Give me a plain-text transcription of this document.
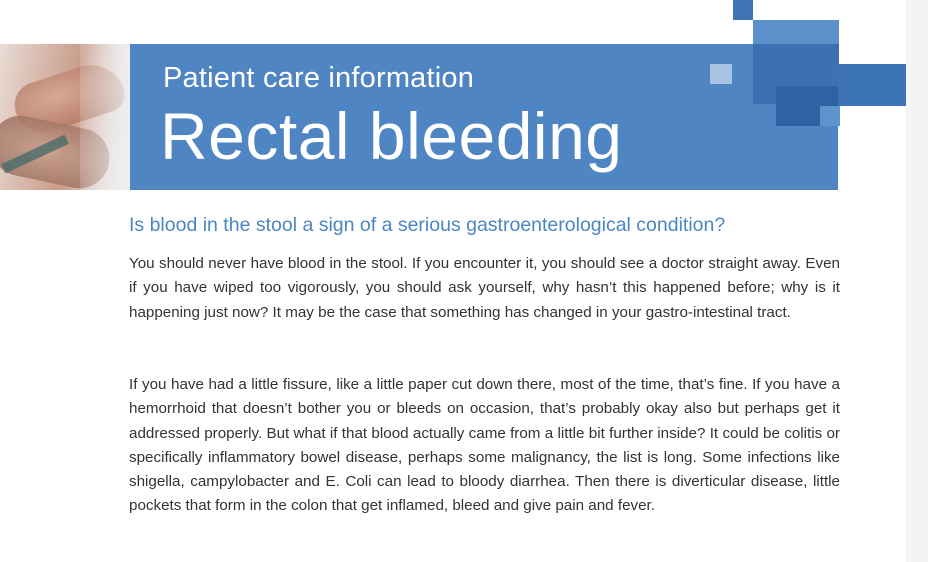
Patient care information
Rectal bleeding
Is blood in the stool a sign of a serious gastroenterological condition?

You should never have blood in the stool. If you encounter it, you should see a doctor straight away. Even if you have wiped too vigorously, you should ask yourself, why hasn’t this happened before; why is it happening just now? It may be the case that something has changed in your gastro-intestinal tract.

If you have had a little fissure, like a little paper cut down there, most of the time, that’s fine. If you have a hemorrhoid that doesn’t bother you or bleeds on occasion, that’s probably okay also but perhaps get it addressed properly. But what if that blood actually came from a little bit further inside? It could be colitis or specifically inflammatory bowel disease, perhaps some malignancy, the list is long. Some infections like shigella, campylobacter and E. Coli can lead to bloody diarrhea. Then there is diverticular disease, little pockets that form in the colon that get inflamed, bleed and give pain and fever.
